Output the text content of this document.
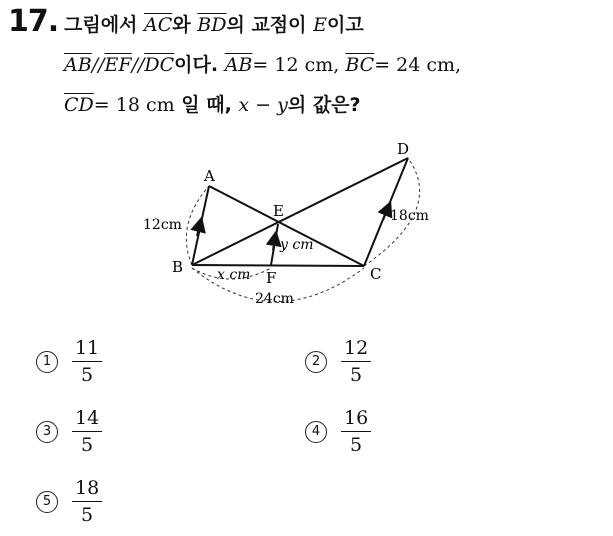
17. 그림에서 $\overline{AC}$와 $\overline{BD}$의 교점이 E이고
$\overline{AB}//\overline{EF}//\overline{DC}$이다. $\overline{AB}= 12$ cm, $\overline{BC}= 24$ cm,
$\overline{CD}= 18$ cm 일 때, x − y의 값은?
A
B	C
D
E
F
12cm
18cm
y cm
x cm
24cm
1	$\frac{11}{5}$	2	$\frac{12}{5}$
3	$\frac{14}{5}$	4	$\frac{16}{5}$
5	$\frac{18}{5}$
